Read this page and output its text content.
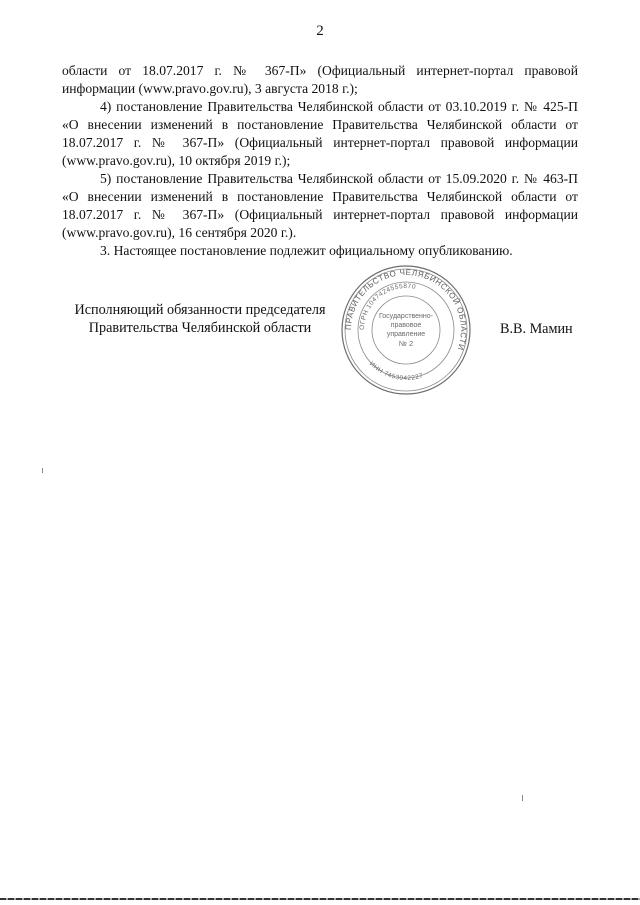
2

области от 18.07.2017 г. № 367-П» (Официальный интернет-портал правовой информации (www.pravo.gov.ru), 3 августа 2018 г.);

4) постановление Правительства Челябинской области от 03.10.2019 г. № 425-П «О внесении изменений в постановление Правительства Челябинской области от 18.07.2017 г. № 367-П» (Официальный интернет-портал правовой информации (www.pravo.gov.ru), 10 октября 2019 г.);

5) постановление Правительства Челябинской области от 15.09.2020 г. № 463-П «О внесении изменений в постановление Правительства Челябинской области от 18.07.2017 г. № 367-П» (Официальный интернет-портал правовой информации (www.pravo.gov.ru), 16 сентября 2020 г.).

3. Настоящее постановление подлежит официальному опубликованию.

Исполняющий обязанности председателя
Правительства Челябинской области	ПРАВИТЕЛЬСТВО ЧЕЛЯБИНСКОЙ ОБЛАСТИ
ОГРН 1047424555870
ИНН 7453042227
Государственно-
правовое
управление
№ 2
В.В. Мамин
